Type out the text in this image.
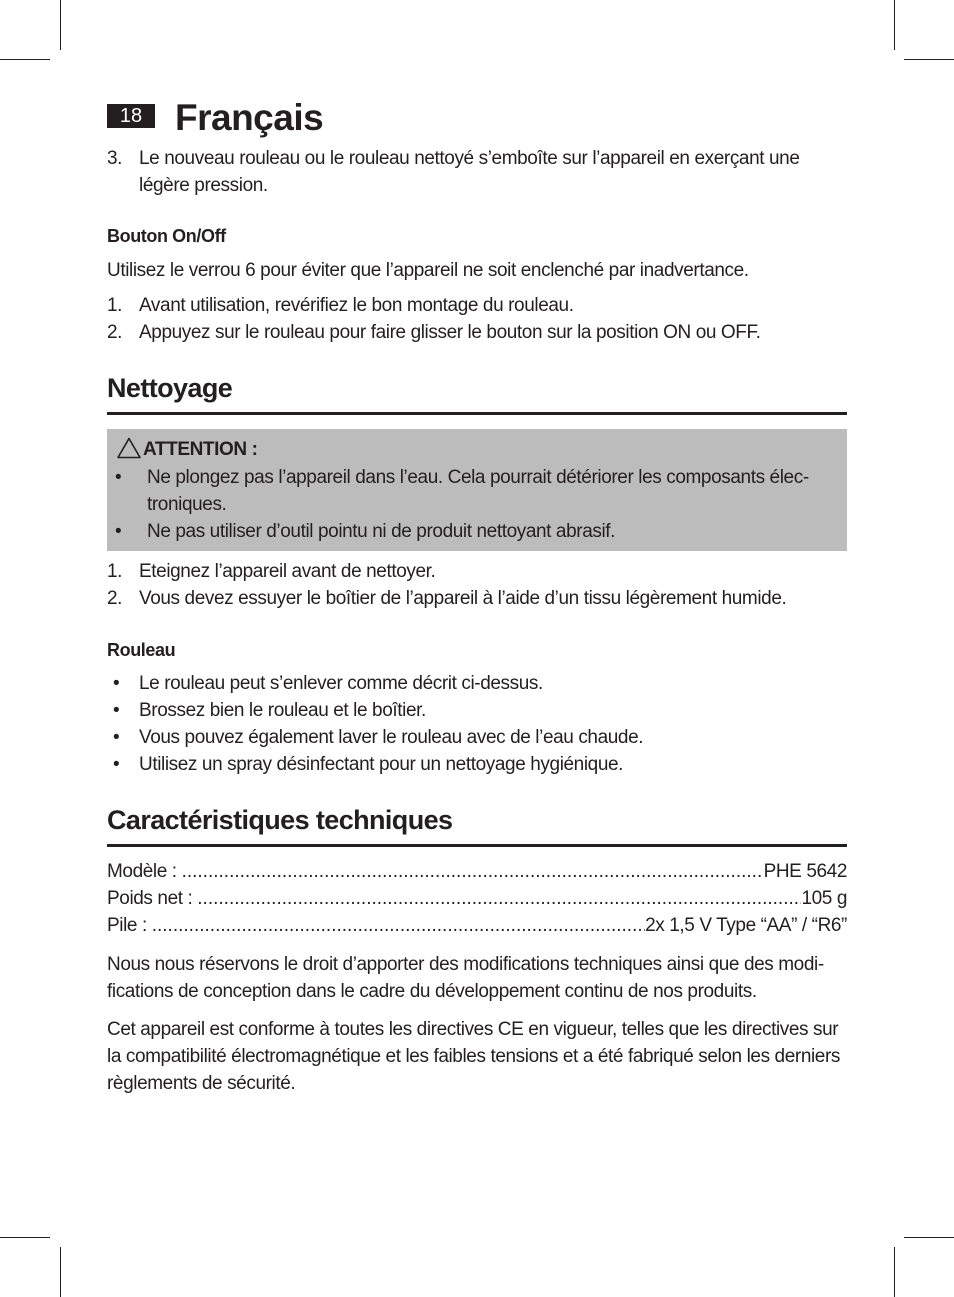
18 Français
3. Le nouveau rouleau ou le rouleau nettoyé s’emboîte sur l’appareil en exerçant une légère pression.
Bouton On/Off
Utilisez le verrou 6 pour éviter que l’appareil ne soit enclenché par inadvertance.
1. Avant utilisation, revérifiez le bon montage du rouleau.
2. Appuyez sur le rouleau pour faire glisser le bouton sur la position ON ou OFF.
Nettoyage
ATTENTION :
• Ne plongez pas l’appareil dans l’eau. Cela pourrait détériorer les composants électroniques.
• Ne pas utiliser d’outil pointu ni de produit nettoyant abrasif.
1. Eteignez l’appareil avant de nettoyer.
2. Vous devez essuyer le boîtier de l’appareil à l’aide d’un tissu légèrement humide.
Rouleau
• Le rouleau peut s’enlever comme décrit ci-dessus.
• Brossez bien le rouleau et le boîtier.
• Vous pouvez également laver le rouleau avec de l’eau chaude.
• Utilisez un spray désinfectant pour un nettoyage hygiénique.
Caractéristiques techniques
Modèle : .....	PHE 5642
Poids net : .....	105 g
Pile : .....	2x 1,5 V Type “AA” / “R6”
Nous nous réservons le droit d’apporter des modifications techniques ainsi que des modifications de conception dans le cadre du développement continu de nos produits.
Cet appareil est conforme à toutes les directives CE en vigueur, telles que les directives sur la compatibilité électromagnétique et les faibles tensions et a été fabriqué selon les derniers règlements de sécurité.
